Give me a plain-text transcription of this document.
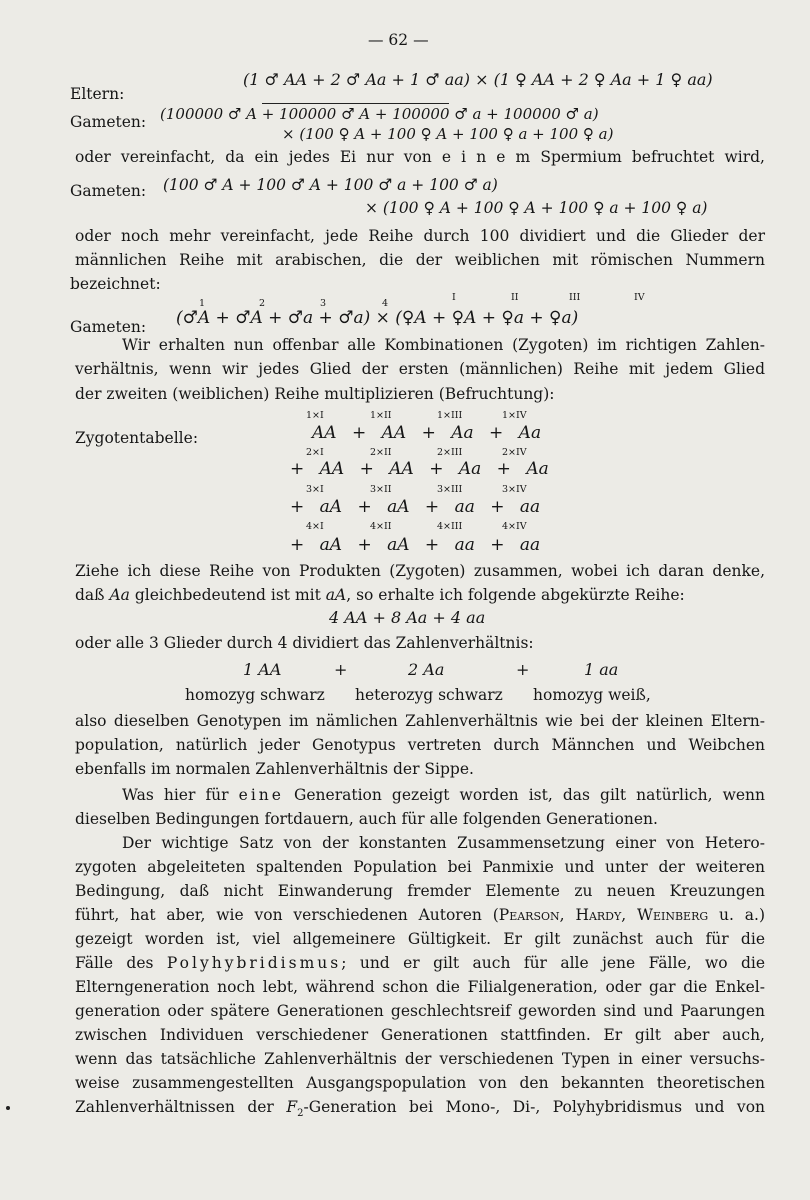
— 62 —
Eltern:
(1 ♂ AA + 2 ♂ Aa + 1 ♂ aa) × (1 ♀ AA + 2 ♀ Aa + 1 ♀ aa)
Gameten: (100000 ♂ A + 100000 ♂ A + 100000 ♂ a + 100000 ♂ a)
× (100 ♀ A + 100 ♀ A + 100 ♀ a + 100 ♀ a)
oder vereinfacht, da ein jedes Ei nur von e i n e m Spermium befruchtet wird,
Gameten: (100 ♂ A + 100 ♂ A + 100 ♂ a + 100 ♂ a)
× (100 ♀ A + 100 ♀ A + 100 ♀ a + 100 ♀ a)
oder noch mehr vereinfacht, jede Reihe durch 100 dividiert und die Glieder der
männlichen Reihe mit arabischen, die der weiblichen mit römischen Nummern
bezeichnet:
1	2	3	4
I	II	III	IV
Gameten: (♂A + ♂A + ♂a + ♂a) × (♀A + ♀A + ♀a + ♀a)
Wir erhalten nun offenbar alle Kombinationen (Zygoten) im richtigen Zahlen-
verhältnis, wenn wir jedes Glied der ersten (männlichen) Reihe mit jedem Glied
der zweiten (weiblichen) Reihe multiplizieren (Befruchtung):
Zygotentabelle:
1×I	1×II	1×III	1×IV
AA + AA + Aa + Aa
2×I	2×II	2×III	2×IV
+ AA + AA + Aa + Aa
3×I	3×II	3×III	3×IV
+ aA + aA + aa + aa
4×I	4×II	4×III	4×IV
+ aA + aA + aa + aa
Ziehe ich diese Reihe von Produkten (Zygoten) zusammen, wobei ich daran denke,
daß Aa gleichbedeutend ist mit aA, so erhalte ich folgende abgekürzte Reihe:
4 AA + 8 Aa + 4 aa
oder alle 3 Glieder durch 4 dividiert das Zahlenverhältnis:
1 AA	+	2 Aa	+	1 aa
homozyg schwarz heterozyg schwarz homozyg weiß,
also dieselben Genotypen im nämlichen Zahlenverhältnis wie bei der kleinen Eltern-
population, natürlich jeder Genotypus vertreten durch Männchen und Weibchen
ebenfalls im normalen Zahlenverhältnis der Sippe.
Was hier für eine Generation gezeigt worden ist, das gilt natürlich, wenn
dieselben Bedingungen fortdauern, auch für alle folgenden Generationen.
Der wichtige Satz von der konstanten Zusammensetzung einer von Hetero-
zygoten abgeleiteten spaltenden Population bei Panmixie und unter der weiteren
Bedingung, daß nicht Einwanderung fremder Elemente zu neuen Kreuzungen
führt, hat aber, wie von verschiedenen Autoren (Pearson, Hardy, Weinberg u. a.)
gezeigt worden ist, viel allgemeinere Gültigkeit. Er gilt zunächst auch für die
Fälle des Polyhybridismus; und er gilt auch für alle jene Fälle, wo die
Elterngeneration noch lebt, während schon die Filialgeneration, oder gar die Enkel-
generation oder spätere Generationen geschlechtsreif geworden sind und Paarungen
zwischen Individuen verschiedener Generationen stattfinden. Er gilt aber auch,
wenn das tatsächliche Zahlenverhältnis der verschiedenen Typen in einer versuchs-
weise zusammengestellten Ausgangspopulation von den bekannten theoretischen
Zahlenverhältnissen der $F_2$-Generation bei Mono-, Di-, Polyhybridismus und von
